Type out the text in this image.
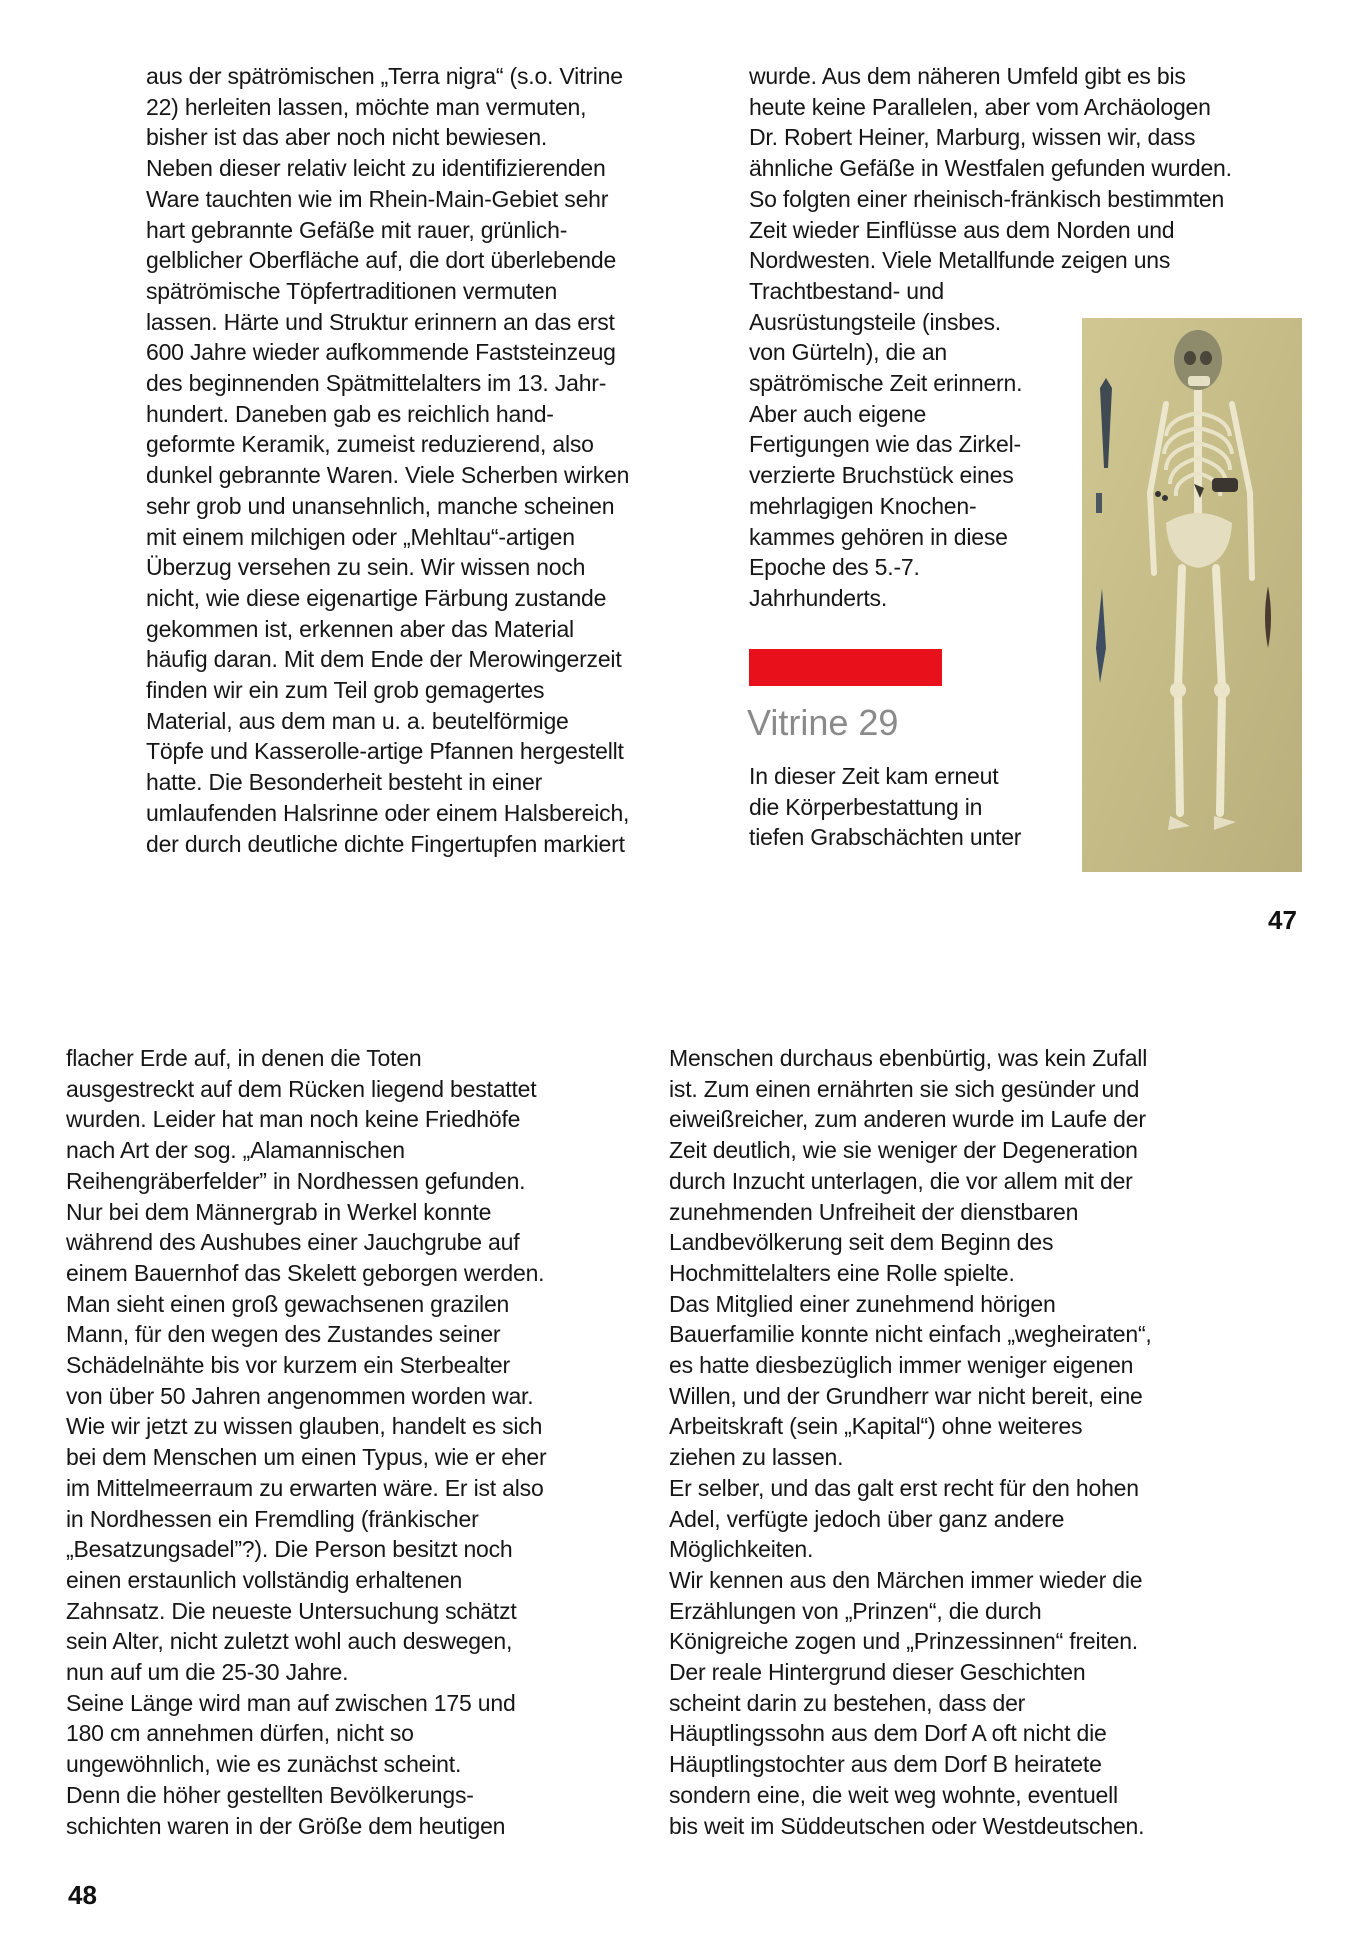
aus der spätrömischen „Terra nigra“ (s.o. Vitrine
22) herleiten lassen, möchte man vermuten,
bisher ist das aber noch nicht bewiesen.
Neben dieser relativ leicht zu identifizierenden
Ware tauchten wie im Rhein-Main-Gebiet sehr
hart gebrannte Gefäße mit rauer, grünlich-
gelblicher Oberfläche auf, die dort überlebende
spätrömische Töpfertraditionen vermuten
lassen. Härte und Struktur erinnern an das erst
600 Jahre wieder aufkommende Faststeinzeug
des beginnenden Spätmittelalters im 13. Jahr-
hundert. Daneben gab es reichlich hand-
geformte Keramik, zumeist reduzierend, also
dunkel gebrannte Waren. Viele Scherben wirken
sehr grob und unansehnlich, manche scheinen
mit einem milchigen oder „Mehltau“-artigen
Überzug versehen zu sein. Wir wissen noch
nicht, wie diese eigenartige Färbung zustande
gekommen ist, erkennen aber das Material
häufig daran. Mit dem Ende der Merowingerzeit
finden wir ein zum Teil grob gemagertes
Material, aus dem man u. a. beutelförmige
Töpfe und Kasserolle-artige Pfannen hergestellt
hatte. Die Besonderheit besteht in einer
umlaufenden Halsrinne oder einem Halsbereich,
der durch deutliche dichte Fingertupfen markiert
wurde. Aus dem näheren Umfeld gibt es bis
heute keine Parallelen, aber vom Archäologen
Dr. Robert Heiner, Marburg, wissen wir, dass
ähnliche Gefäße in Westfalen gefunden wurden.
So folgten einer rheinisch-fränkisch bestimmten
Zeit wieder Einflüsse aus dem Norden und
Nordwesten. Viele Metallfunde zeigen uns
Trachtbestand- und
Ausrüstungsteile (insbes.
von Gürteln), die an
spätrömische Zeit erinnern.
Aber auch eigene
Fertigungen wie das Zirkel-
verzierte Bruchstück eines
mehrlagigen Knochen-
kammes gehören in diese
Epoche des 5.-7.
Jahrhunderts.
Vitrine 29
In dieser Zeit kam erneut
die Körperbestattung in
tiefen Grabschächten unter
47
flacher Erde auf, in denen die Toten
ausgestreckt auf dem Rücken liegend bestattet
wurden. Leider hat man noch keine Friedhöfe
nach Art der sog. „Alamannischen
Reihengräberfelder” in Nordhessen gefunden.
Nur bei dem Männergrab in Werkel konnte
während des Aushubes einer Jauchgrube auf
einem Bauernhof das Skelett geborgen werden.
Man sieht einen groß gewachsenen grazilen
Mann, für den wegen des Zustandes seiner
Schädelnähte bis vor kurzem ein Sterbealter
von über 50 Jahren angenommen worden war.
Wie wir jetzt zu wissen glauben, handelt es sich
bei dem Menschen um einen Typus, wie er eher
im Mittelmeerraum zu erwarten wäre. Er ist also
in Nordhessen ein Fremdling (fränkischer
„Besatzungsadel”?). Die Person besitzt noch
einen erstaunlich vollständig erhaltenen
Zahnsatz. Die neueste Untersuchung schätzt
sein Alter, nicht zuletzt wohl auch deswegen,
nun auf um die 25-30 Jahre.
Seine Länge wird man auf zwischen 175 und
180 cm annehmen dürfen, nicht so
ungewöhnlich, wie es zunächst scheint.
Denn die höher gestellten Bevölkerungs-
schichten waren in der Größe dem heutigen
Menschen durchaus ebenbürtig, was kein Zufall
ist. Zum einen ernährten sie sich gesünder und
eiweißreicher, zum anderen wurde im Laufe der
Zeit deutlich, wie sie weniger der Degeneration
durch Inzucht unterlagen, die vor allem mit der
zunehmenden Unfreiheit der dienstbaren
Landbevölkerung seit dem Beginn des
Hochmittelalters eine Rolle spielte.
Das Mitglied einer zunehmend hörigen
Bauerfamilie konnte nicht einfach „wegheiraten“,
es hatte diesbezüglich immer weniger eigenen
Willen, und der Grundherr war nicht bereit, eine
Arbeitskraft (sein „Kapital“) ohne weiteres
ziehen zu lassen.
Er selber, und das galt erst recht für den hohen
Adel, verfügte jedoch über ganz andere
Möglichkeiten.
Wir kennen aus den Märchen immer wieder die
Erzählungen von „Prinzen“, die durch
Königreiche zogen und „Prinzessinnen“ freiten.
Der reale Hintergrund dieser Geschichten
scheint darin zu bestehen, dass der
Häuptlingssohn aus dem Dorf A oft nicht die
Häuptlingstochter aus dem Dorf B heiratete
sondern eine, die weit weg wohnte, eventuell
bis weit im Süddeutschen oder Westdeutschen.
48
